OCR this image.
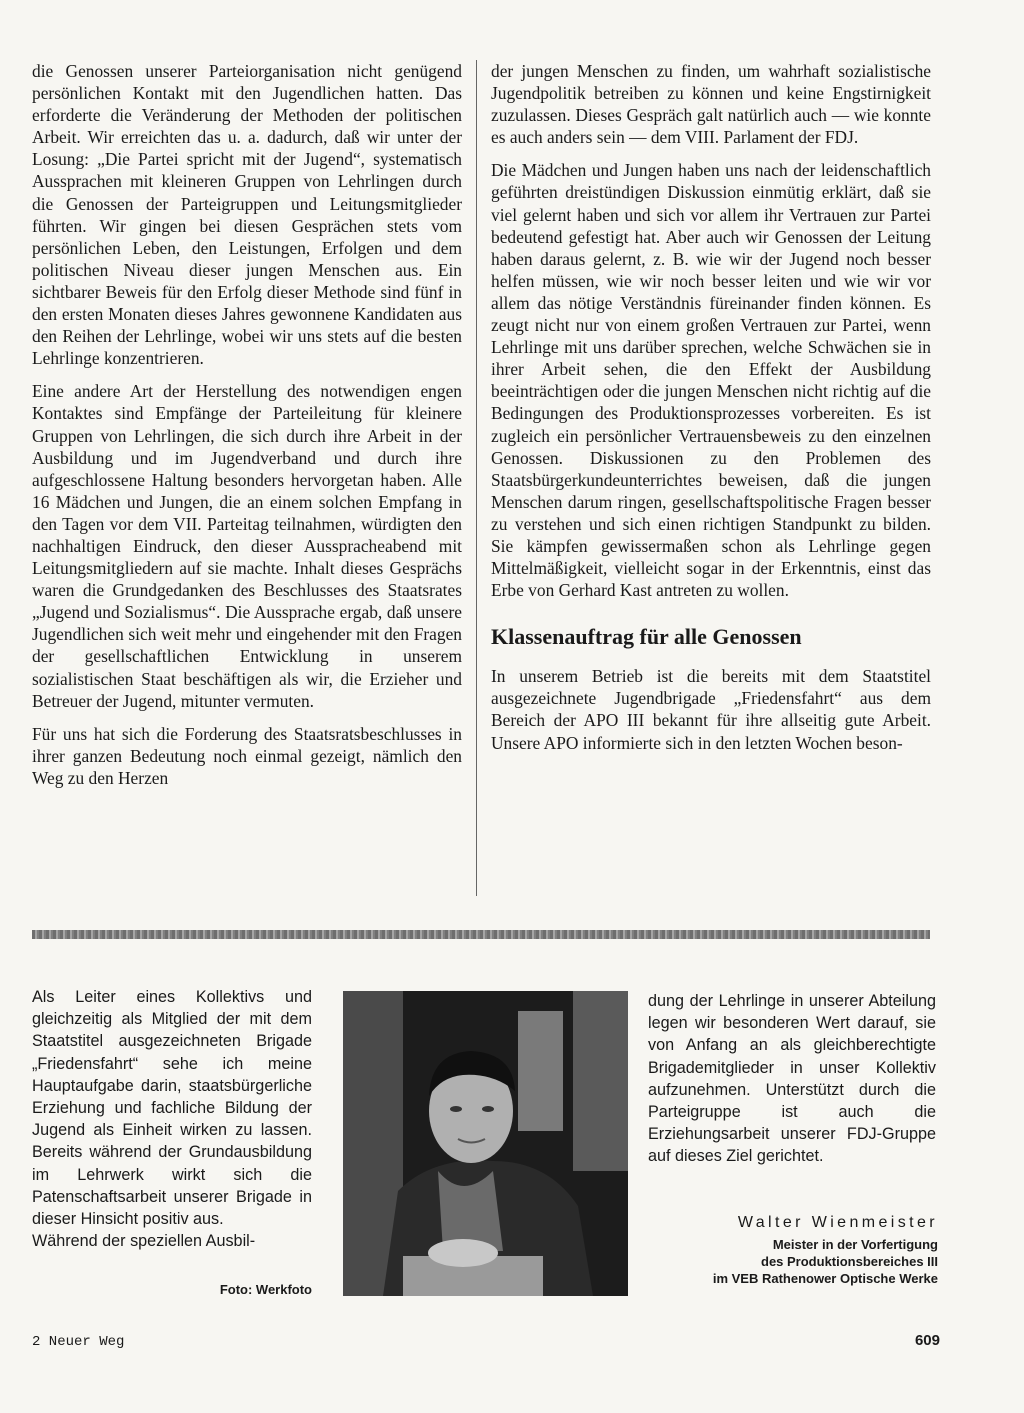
die Genossen unserer Parteiorganisation nicht genügend persönlichen Kontakt mit den Jugendlichen hatten. Das erforderte die Veränderung der Methoden der politischen Arbeit. Wir erreichten das u. a. dadurch, daß wir unter der Losung: „Die Partei spricht mit der Jugend“, systematisch Aussprachen mit kleineren Gruppen von Lehrlingen durch die Genossen der Parteigruppen und Leitungsmitglieder führten. Wir gingen bei diesen Gesprächen stets vom persönlichen Leben, den Leistungen, Erfolgen und dem politischen Niveau dieser jungen Menschen aus. Ein sichtbarer Beweis für den Erfolg dieser Methode sind fünf in den ersten Monaten dieses Jahres gewonnene Kandidaten aus den Reihen der Lehrlinge, wobei wir uns stets auf die besten Lehrlinge konzentrieren.

Eine andere Art der Herstellung des notwendigen engen Kontaktes sind Empfänge der Parteileitung für kleinere Gruppen von Lehrlingen, die sich durch ihre Arbeit in der Ausbildung und im Jugendverband und durch ihre aufgeschlossene Haltung besonders hervorgetan haben. Alle 16 Mädchen und Jungen, die an einem solchen Empfang in den Tagen vor dem VII. Parteitag teilnahmen, würdigten den nachhaltigen Eindruck, den dieser Ausspracheabend mit Leitungsmitgliedern auf sie machte. Inhalt dieses Gesprächs waren die Grundgedanken des Beschlusses des Staatsrates „Jugend und Sozialismus“. Die Aussprache ergab, daß unsere Jugendlichen sich weit mehr und eingehender mit den Fragen der gesellschaftlichen Entwicklung in unserem sozialistischen Staat beschäftigen als wir, die Erzieher und Betreuer der Jugend, mitunter vermuten.

Für uns hat sich die Forderung des Staatsratsbeschlusses in ihrer ganzen Bedeutung noch einmal gezeigt, nämlich den Weg zu den Herzen

der jungen Menschen zu finden, um wahrhaft sozialistische Jugendpolitik betreiben zu können und keine Engstirnigkeit zuzulassen. Dieses Gespräch galt natürlich auch — wie konnte es auch anders sein — dem VIII. Parlament der FDJ.

Die Mädchen und Jungen haben uns nach der leidenschaftlich geführten dreistündigen Diskussion einmütig erklärt, daß sie viel gelernt haben und sich vor allem ihr Vertrauen zur Partei bedeutend gefestigt hat. Aber auch wir Genossen der Leitung haben daraus gelernt, z. B. wie wir der Jugend noch besser helfen müssen, wie wir noch besser leiten und wie wir vor allem das nötige Verständnis füreinander finden können. Es zeugt nicht nur von einem großen Vertrauen zur Partei, wenn Lehrlinge mit uns darüber sprechen, welche Schwächen sie in ihrer Arbeit sehen, die den Effekt der Ausbildung beeinträchtigen oder die jungen Menschen nicht richtig auf die Bedingungen des Produktionsprozesses vorbereiten. Es ist zugleich ein persönlicher Vertrauensbeweis zu den einzelnen Genossen. Diskussionen zu den Problemen des Staatsbürgerkundeunterrichtes beweisen, daß die jungen Menschen darum ringen, gesellschaftspolitische Fragen besser zu verstehen und sich einen richtigen Standpunkt zu bilden. Sie kämpfen gewissermaßen schon als Lehrlinge gegen Mittelmäßigkeit, vielleicht sogar in der Erkenntnis, einst das Erbe von Gerhard Kast antreten zu wollen.

Klassenauftrag für alle Genossen

In unserem Betrieb ist die bereits mit dem Staatstitel ausgezeichnete Jugendbrigade „Friedensfahrt“ aus dem Bereich der APO III bekannt für ihre allseitig gute Arbeit. Unsere APO informierte sich in den letzten Wochen beson-

Als Leiter eines Kollektivs und gleichzeitig als Mitglied der mit dem Staatstitel ausgezeichneten Brigade „Friedensfahrt“ sehe ich meine Hauptaufgabe darin, staatsbürgerliche Erziehung und fachliche Bildung der Jugend als Einheit wirken zu lassen. Bereits während der Grundausbildung im Lehrwerk wirkt sich die Patenschaftsarbeit unserer Brigade in dieser Hinsicht positiv aus.

Während der speziellen Ausbil-

Foto: Werkfoto

dung der Lehrlinge in unserer Abteilung legen wir besonderen Wert darauf, sie von Anfang an als gleichberechtigte Brigademitglieder in unser Kollektiv aufzunehmen. Unterstützt durch die Parteigruppe ist auch die Erziehungsarbeit unserer FDJ-Gruppe auf dieses Ziel gerichtet.

Walter Wienmeister
Meister in der Vorfertigung
des Produktionsbereiches III
im VEB Rathenower Optische Werke
2 Neuer Weg	609
